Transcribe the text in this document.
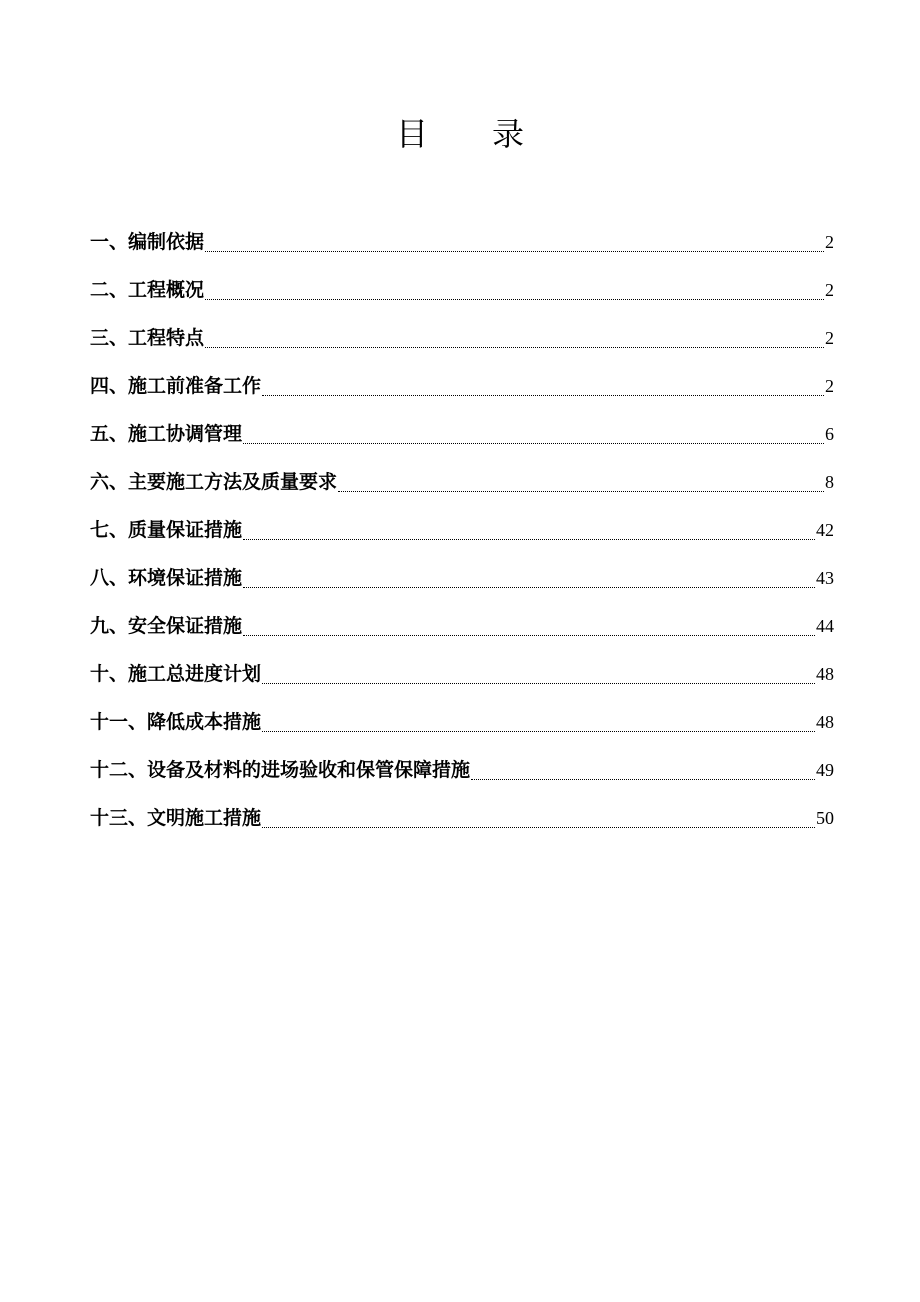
目 录
一、编制依据	2
二、工程概况	2
三、工程特点	2
四、施工前准备工作	2
五、施工协调管理	6
六、主要施工方法及质量要求	8
七、质量保证措施	42
八、环境保证措施	43
九、安全保证措施	44
十、施工总进度计划	48
十一、降低成本措施	48
十二、设备及材料的进场验收和保管保障措施	49
十三、文明施工措施	50
